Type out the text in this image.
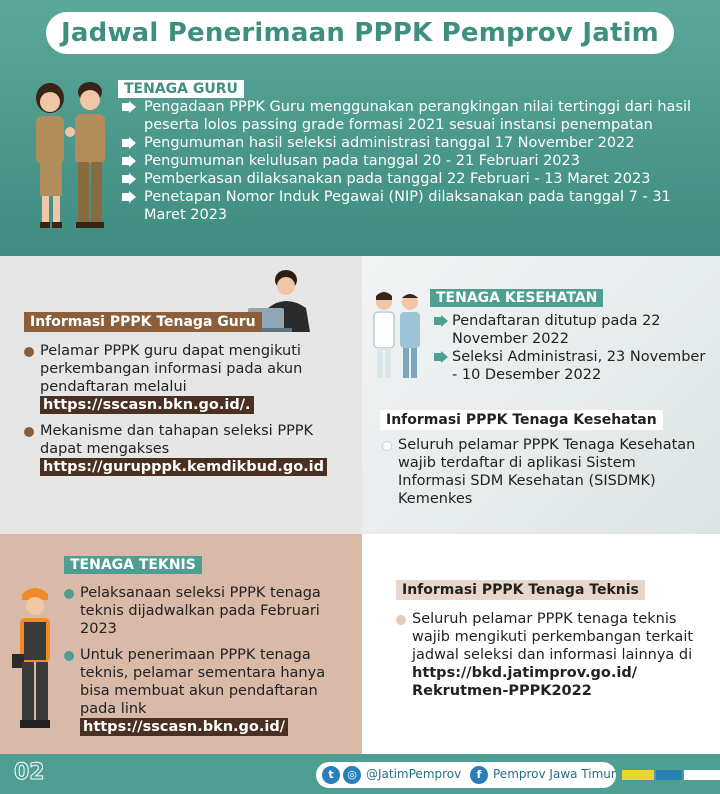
Jadwal Penerimaan PPPK Pemprov Jatim
TENAGA GURU
Pengadaan PPPK Guru menggunakan perangkingan nilai tertinggi dari hasil peserta lolos passing grade formasi 2021 sesuai instansi penempatan
Pengumuman hasil seleksi administrasi tanggal 17 November 2022
Pengumuman kelulusan pada tanggal 20 - 21 Februari 2023
Pemberkasan dilaksanakan pada tanggal 22 Februari - 13 Maret 2023
Penetapan Nomor Induk Pegawai (NIP) dilaksanakan pada tanggal 7 - 31 Maret 2023
Informasi PPPK Tenaga Guru
Pelamar PPPK guru dapat mengikuti perkembangan informasi pada akun pendaftaran melalui https://sscasn.bkn.go.id/.
Mekanisme dan tahapan seleksi PPPK dapat mengakses https://gurupppk.kemdikbud.go.id
TENAGA KESEHATAN
Pendaftaran ditutup pada 22 November 2022
Seleksi Administrasi, 23 November - 10 Desember 2022
Informasi PPPK Tenaga Kesehatan
Seluruh pelamar PPPK Tenaga Kesehatan wajib terdaftar di aplikasi Sistem Informasi SDM Kesehatan (SISDMK) Kemenkes
TENAGA TEKNIS
Pelaksanaan seleksi PPPK tenaga teknis dijadwalkan pada Februari 2023
Untuk penerimaan PPPK tenaga teknis, pelamar sementara hanya bisa membuat akun pendaftaran pada link https://sscasn.bkn.go.id/
Informasi PPPK Tenaga Teknis
Seluruh pelamar PPPK tenaga teknis wajib mengikuti perkembangan terkait jadwal seleksi dan informasi lainnya di https://bkd.jatimprov.go.id/ Rekrutmen-PPPK2022
02	t	◎ @JatimPemprov	f Pemprov Jawa Timur
